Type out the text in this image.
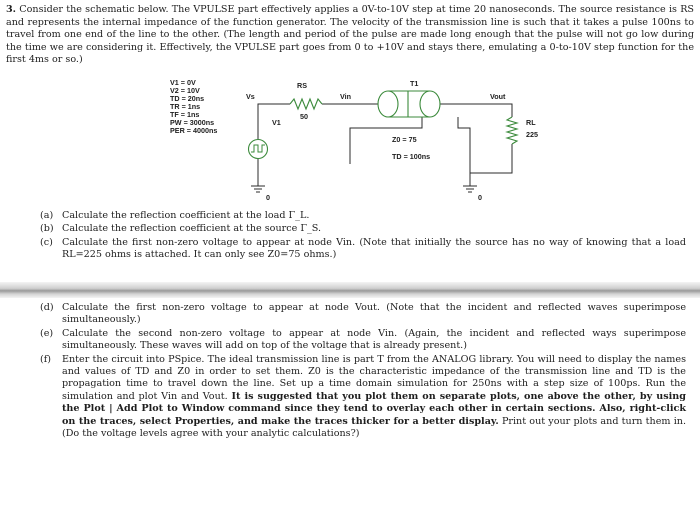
3. Consider the schematic below. The VPULSE part effectively applies a 0V-to-10V step at time 20 nanoseconds. The source resistance is RS and represents the internal impedance of the function generator. The velocity of the transmission line is such that it takes a pulse 100ns to travel from one end of the line to the other. (The length and period of the pulse are made long enough that the pulse will not go low during the time we are considering it. Effectively, the VPULSE part goes from 0 to +10V and stays there, emulating a 0-to-10V step function for the first 4ms or so.)
V1 = 0V
V2 = 10V
TD = 20ns
TR = 1ns
TF = 1ns
PW = 3000ns
PER = 4000ns
Vs
RS
50
Vin
T1
Vout
V1
Z0 = 75
TD = 100ns
RL
225
0	0
(a) Calculate the reflection coefficient at the load Γ_L.
(b) Calculate the reflection coefficient at the source Γ_S.
(c) Calculate the first non-zero voltage to appear at node Vin. (Note that initially the source has no way of knowing that a load RL=225 ohms is attached. It can only see Z0=75 ohms.)
(d) Calculate the first non-zero voltage to appear at node Vout. (Note that the incident and reflected waves superimpose simultaneously.)
(e) Calculate the second non-zero voltage to appear at node Vin. (Again, the incident and reflected ways superimpose simultaneously. These waves will add on top of the voltage that is already present.)
(f) Enter the circuit into PSpice. The ideal transmission line is part T from the ANALOG library. You will need to display the names and values of TD and Z0 in order to set them. Z0 is the characteristic impedance of the transmission line and TD is the propagation time to travel down the line. Set up a time domain simulation for 250ns with a step size of 100ps. Run the simulation and plot Vin and Vout. It is suggested that you plot them on separate plots, one above the other, by using the Plot | Add Plot to Window command since they tend to overlay each other in certain sections. Also, right-click on the traces, select Properties, and make the traces thicker for a better display. Print out your plots and turn them in. (Do the voltage levels agree with your analytic calculations?)
